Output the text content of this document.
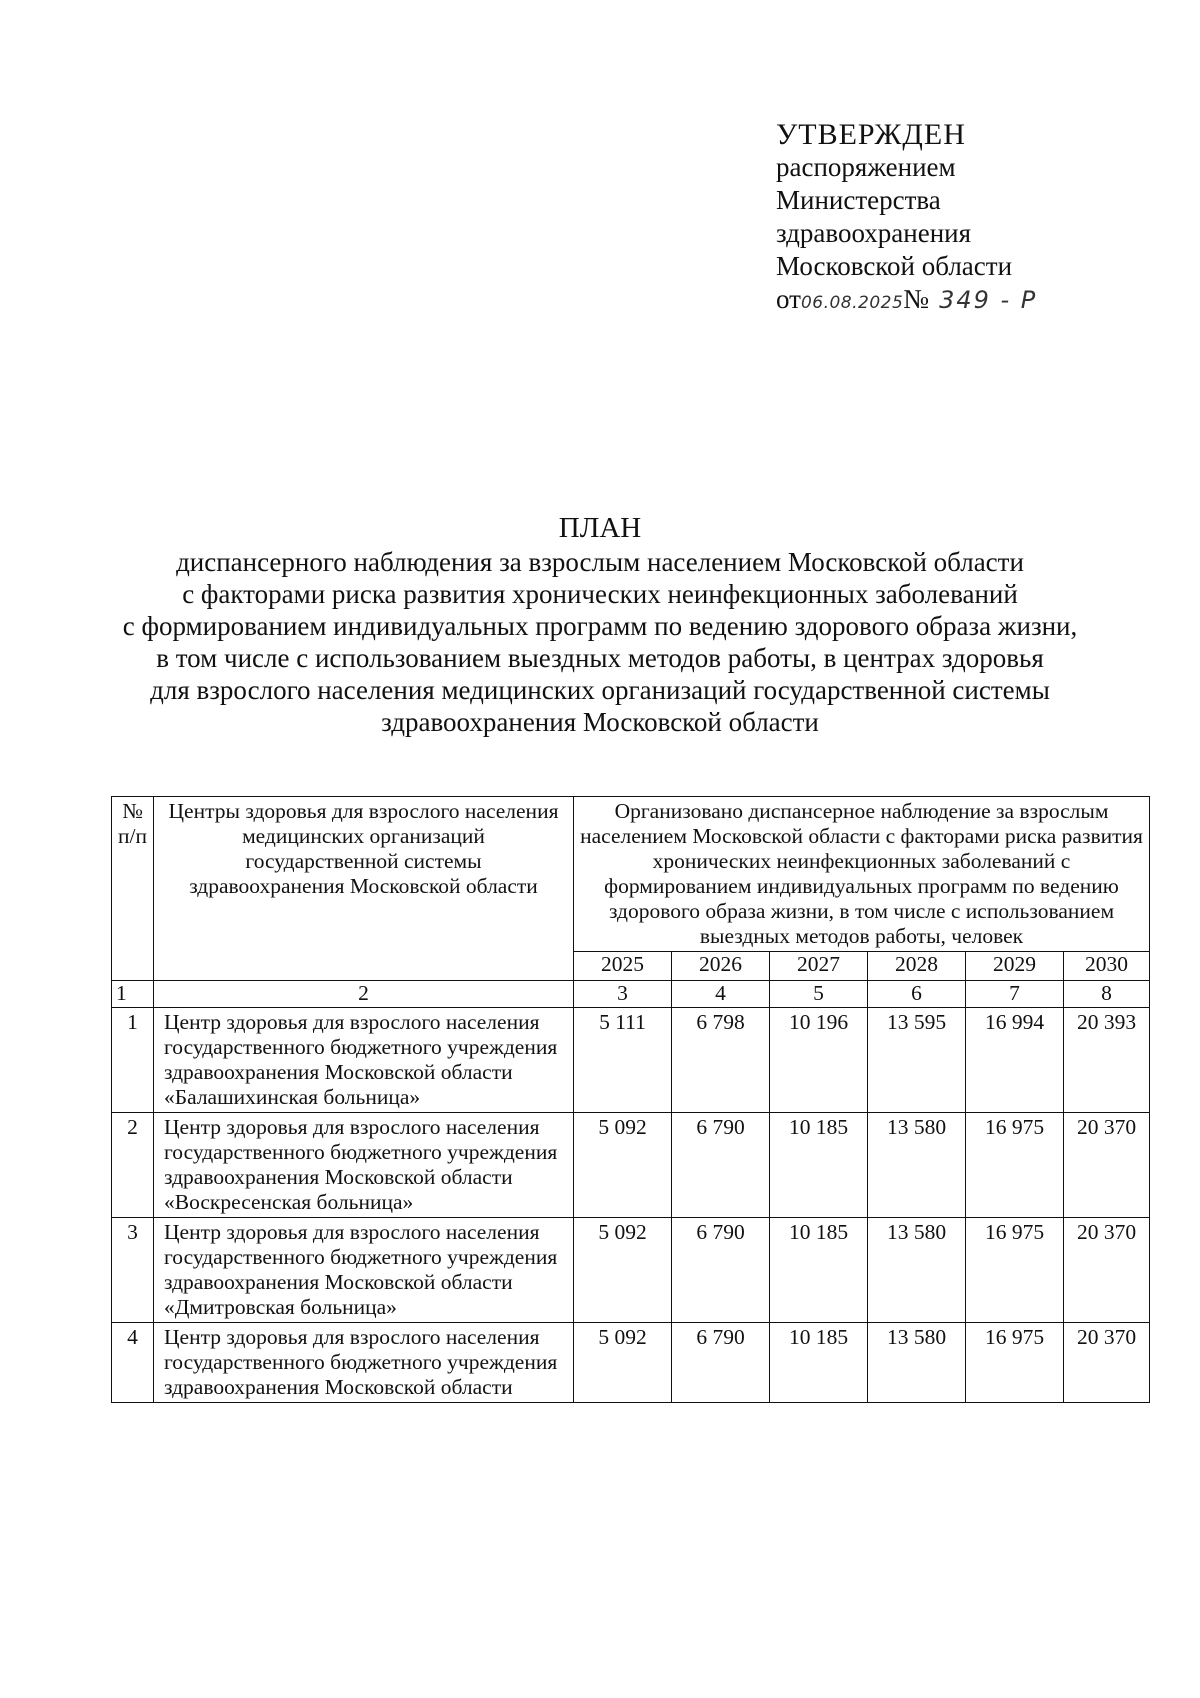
УТВЕРЖДЕН
распоряжением
Министерства
здравоохранения
Московской области
от06.08.2025№ 349 - Р
ПЛАН
диспансерного наблюдения за взрослым населением Московской области
с факторами риска развития хронических неинфекционных заболеваний
с формированием индивидуальных программ по ведению здорового образа жизни,
в том числе с использованием выездных методов работы, в центрах здоровья
для взрослого населения медицинских организаций государственной системы
здравоохранения Московской области
№
п/п	Центры здоровья для взрослого населения медицинских организаций государственной системы здравоохранения Московской области	Организовано диспансерное наблюдение за взрослым населением Московской области с факторами риска развития хронических неинфекционных заболеваний с формированием индивидуальных программ по ведению здорового образа жизни, в том числе с использованием выездных методов работы, человек					
		2025	2026	2027	2028	2029	2030
1	2	3	4	5	6	7	8
1	Центр здоровья для взрослого населения государственного бюджетного учреждения здравоохранения Московской области «Балашихинская больница»	5 111	6 798	10 196	13 595	16 994	20 393
2	Центр здоровья для взрослого населения государственного бюджетного учреждения здравоохранения Московской области «Воскресенская больница»	5 092	6 790	10 185	13 580	16 975	20 370
3	Центр здоровья для взрослого населения государственного бюджетного учреждения здравоохранения Московской области «Дмитровская больница»	5 092	6 790	10 185	13 580	16 975	20 370
4	Центр здоровья для взрослого населения государственного бюджетного учреждения здравоохранения Московской области	5 092	6 790	10 185	13 580	16 975	20 370
